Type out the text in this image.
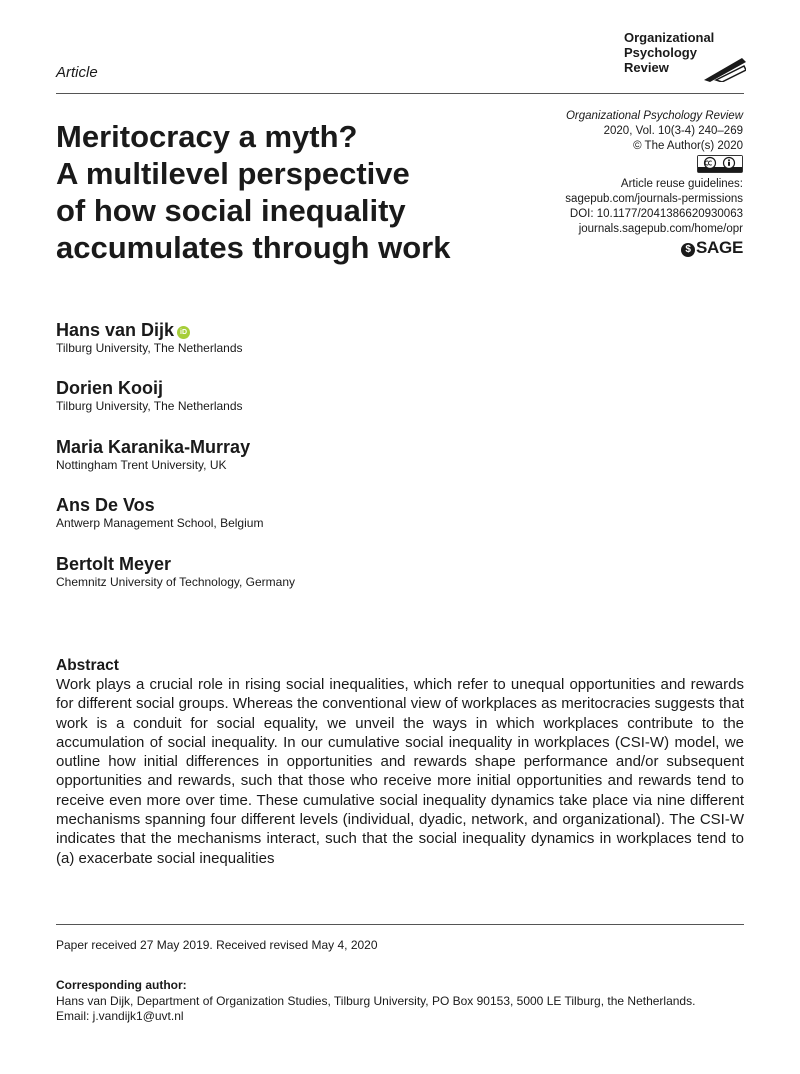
Article
Organizational
Psychology
Review
Meritocracy a myth?
A multilevel perspective
of how social inequality
accumulates through work
Organizational Psychology Review
2020, Vol. 10(3-4) 240–269
© The Author(s) 2020
Article reuse guidelines:
sagepub.com/journals-permissions
DOI: 10.1177/2041386620930063
journals.sagepub.com/home/opr
$ SAGE
Hans van Dijk iD
Tilburg University, The Netherlands
Dorien Kooij
Tilburg University, The Netherlands
Maria Karanika-Murray
Nottingham Trent University, UK
Ans De Vos
Antwerp Management School, Belgium
Bertolt Meyer
Chemnitz University of Technology, Germany
Abstract

Work plays a crucial role in rising social inequalities, which refer to unequal opportunities and rewards for different social groups. Whereas the conventional view of workplaces as meritocracies suggests that work is a conduit for social equality, we unveil the ways in which workplaces contribute to the accumulation of social inequality. In our cumulative social inequality in workplaces (CSI-W) model, we outline how initial differences in opportunities and rewards shape performance and/or subsequent opportunities and rewards, such that those who receive more initial opportunities and rewards tend to receive even more over time. These cumulative social inequality dynamics take place via nine different mechanisms spanning four different levels (individual, dyadic, network, and organizational). The CSI-W indicates that the mechanisms interact, such that the social inequality dynamics in workplaces tend to (a) exacerbate social inequalities

Paper received 27 May 2019. Received revised May 4, 2020
Corresponding author:
Hans van Dijk, Department of Organization Studies, Tilburg University, PO Box 90153, 5000 LE Tilburg, the Netherlands.
Email: j.vandijk1@uvt.nl
